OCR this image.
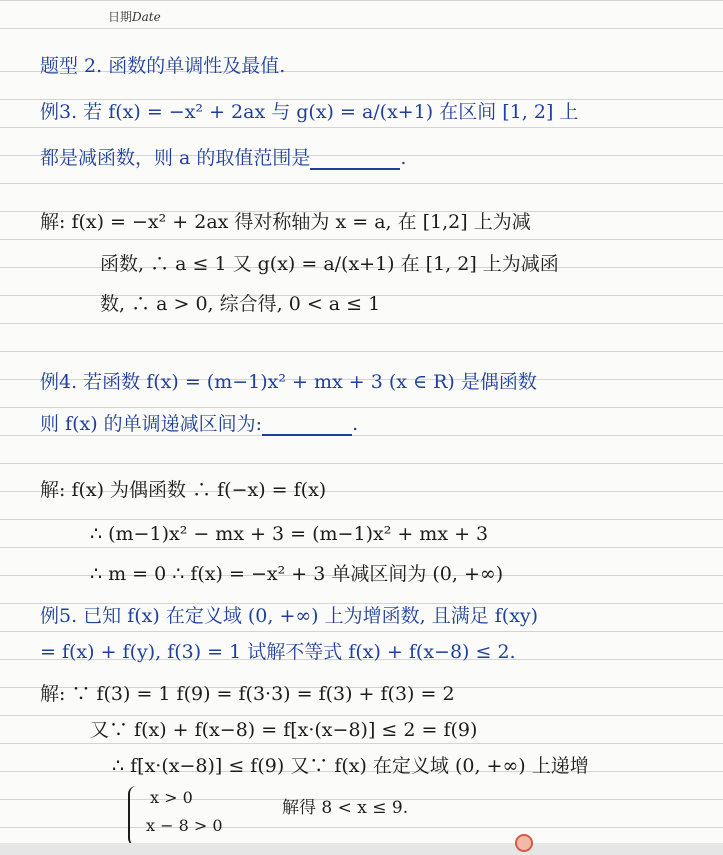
日期Date
题型 2. 函数的单调性及最值.
例3. 若 f(x) = −x² + 2ax 与 g(x) = a/(x+1) 在区间 [1, 2] 上
都是减函数，则 a 的取值范围是	.
解: f(x) = −x² + 2ax 得对称轴为 x = a, 在 [1,2] 上为减
函数, ∴ a ≤ 1 又 g(x) = a/(x+1) 在 [1, 2] 上为减函
数, ∴ a > 0, 综合得, 0 < a ≤ 1
例4. 若函数 f(x) = (m−1)x² + mx + 3 (x ∈ R) 是偶函数
则 f(x) 的单调递减区间为:	.
解: f(x) 为偶函数 ∴ f(−x) = f(x)
∴ (m−1)x² − mx + 3 = (m−1)x² + mx + 3
∴ m = 0 ∴ f(x) = −x² + 3 单减区间为 (0, +∞)
例5. 已知 f(x) 在定义域 (0, +∞) 上为增函数, 且满足 f(xy)
= f(x) + f(y), f(3) = 1 试解不等式 f(x) + f(x−8) ≤ 2.
解: ∵ f(3) = 1 f(9) = f(3·3) = f(3) + f(3) = 2
又∵ f(x) + f(x−8) = f[x·(x−8)] ≤ 2 = f(9)
∴ f[x·(x−8)] ≤ f(9) 又∵ f(x) 在定义域 (0, +∞) 上递增
x > 0
x − 8 > 0
解得 8 < x ≤ 9.
